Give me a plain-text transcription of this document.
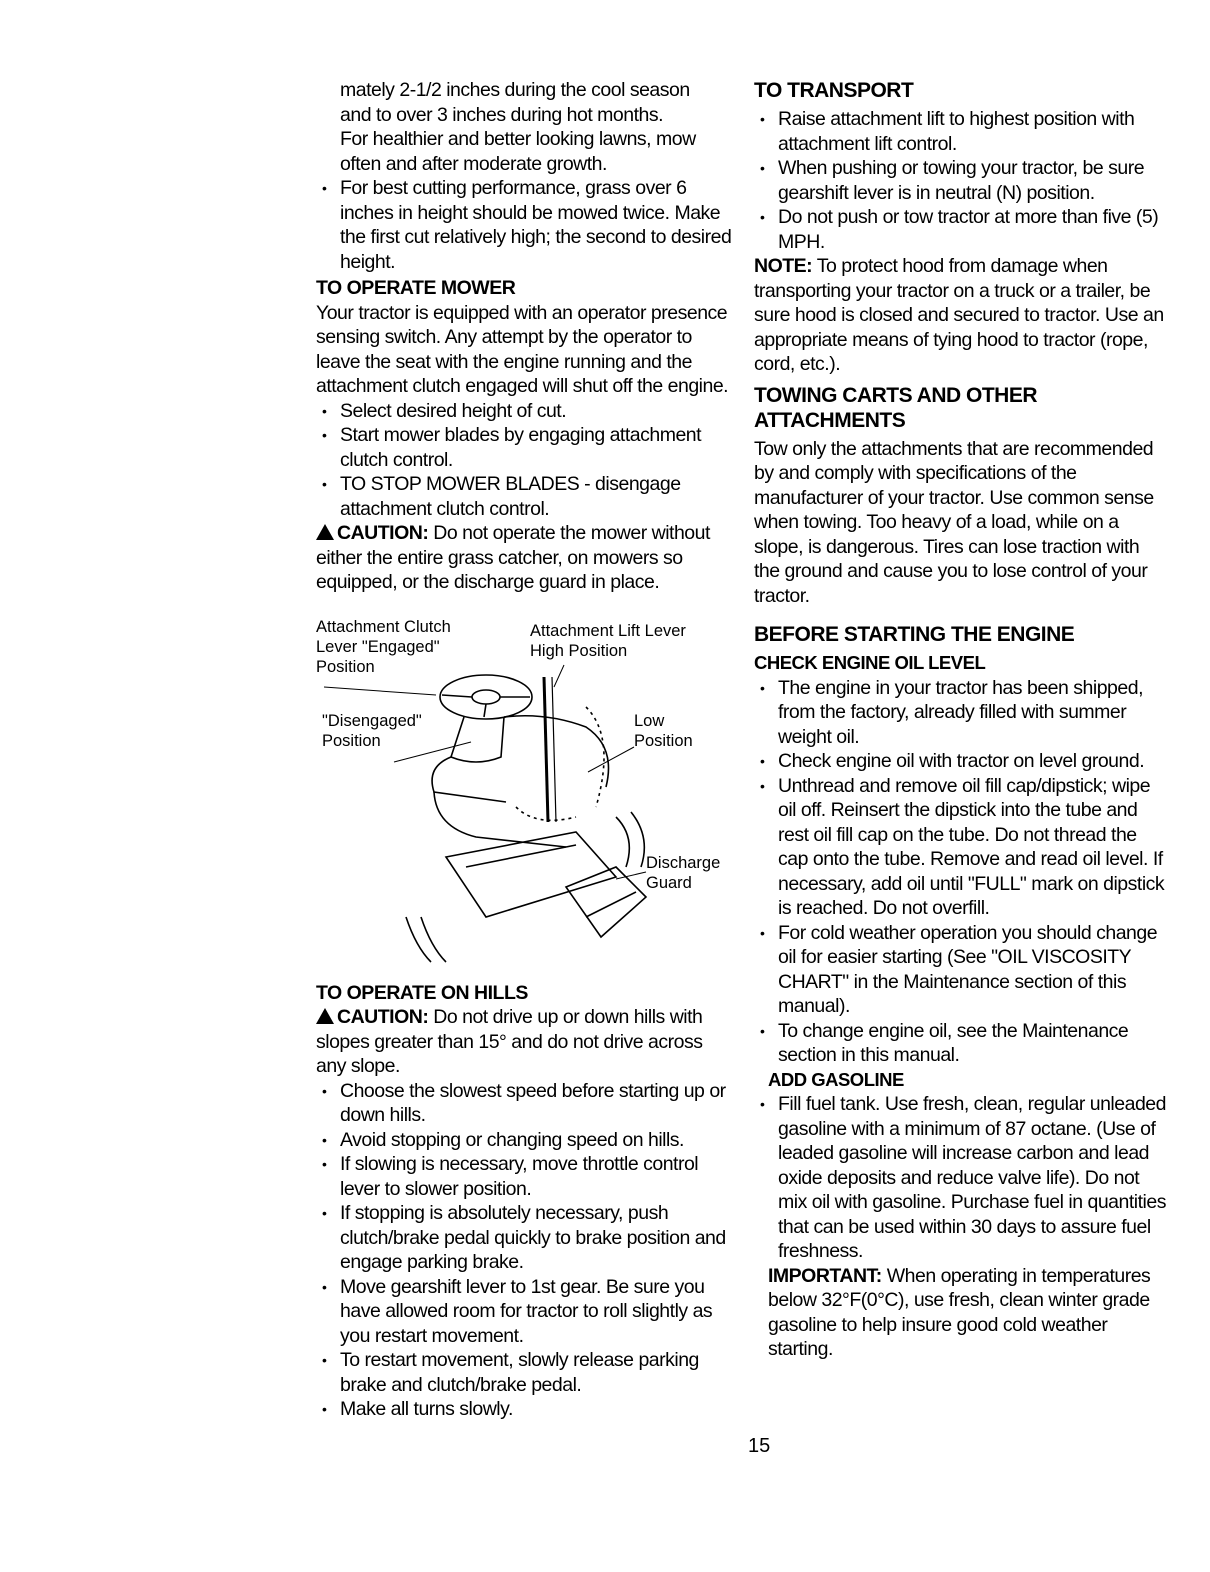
mately 2-1/2 inches during the cool season

and to over 3 inches during hot months.

For healthier and better looking lawns, mow

often and after moderate growth.

• For best cutting performance, grass over 6 inches in height should be mowed twice. Make the first cut relatively high; the second to desired height.

TO OPERATE MOWER

Your tractor is equipped with an operator presence sensing switch. Any attempt by the operator to leave the seat with the engine running and the attachment clutch engaged will shut off the engine.

• Select desired height of cut.
• Start mower blades by engaging attachment clutch control.
• TO STOP MOWER BLADES - disengage attachment clutch control.

CAUTION: Do not operate the mower without either the entire grass catcher, on mowers so equipped, or the discharge guard in place.

Attachment Clutch Lever "Engaged" Position
Attachment Lift Lever High Position
"Disengaged" Position
Low Position
Discharge Guard

TO OPERATE ON HILLS

CAUTION: Do not drive up or down hills with slopes greater than 15° and do not drive across any slope.

• Choose the slowest speed before starting up or down hills.
• Avoid stopping or changing speed on hills.
• If slowing is necessary, move throttle control lever to slower position.
• If stopping is absolutely necessary, push clutch/brake pedal quickly to brake position and engage parking brake.
• Move gearshift lever to 1st gear. Be sure you have allowed room for tractor to roll slightly as you restart movement.
• To restart movement, slowly release parking brake and clutch/brake pedal.
• Make all turns slowly.

TO TRANSPORT

• Raise attachment lift to highest position with attachment lift control.
• When pushing or towing your tractor, be sure gearshift lever is in neutral (N) position.
• Do not push or tow tractor at more than five (5) MPH.

NOTE: To protect hood from damage when transporting your tractor on a truck or a trailer, be sure hood is closed and secured to tractor. Use an appropriate means of tying hood to tractor (rope, cord, etc.).

TOWING CARTS AND OTHER ATTACHMENTS

Tow only the attachments that are recommended by and comply with specifications of the manufacturer of your tractor. Use common sense when towing. Too heavy of a load, while on a slope, is dangerous. Tires can lose traction with the ground and cause you to lose control of your tractor.

BEFORE STARTING THE ENGINE

CHECK ENGINE OIL LEVEL

• The engine in your tractor has been shipped, from the factory, already filled with summer weight oil.
• Check engine oil with tractor on level ground.
• Unthread and remove oil fill cap/dipstick; wipe oil off. Reinsert the dipstick into the tube and rest oil fill cap on the tube. Do not thread the cap onto the tube. Remove and read oil level. If necessary, add oil until "FULL" mark on dipstick is reached. Do not overfill.
• For cold weather operation you should change oil for easier starting (See "OIL VISCOSITY CHART" in the Maintenance section of this manual).
• To change engine oil, see the Maintenance section in this manual.

ADD GASOLINE

• Fill fuel tank. Use fresh, clean, regular unleaded gasoline with a minimum of 87 octane. (Use of leaded gasoline will increase carbon and lead oxide deposits and reduce valve life). Do not mix oil with gasoline. Purchase fuel in quantities that can be used within 30 days to assure fuel freshness.

IMPORTANT: When operating in temperatures below 32°F(0°C), use fresh, clean winter grade gasoline to help insure good cold weather starting.

15
